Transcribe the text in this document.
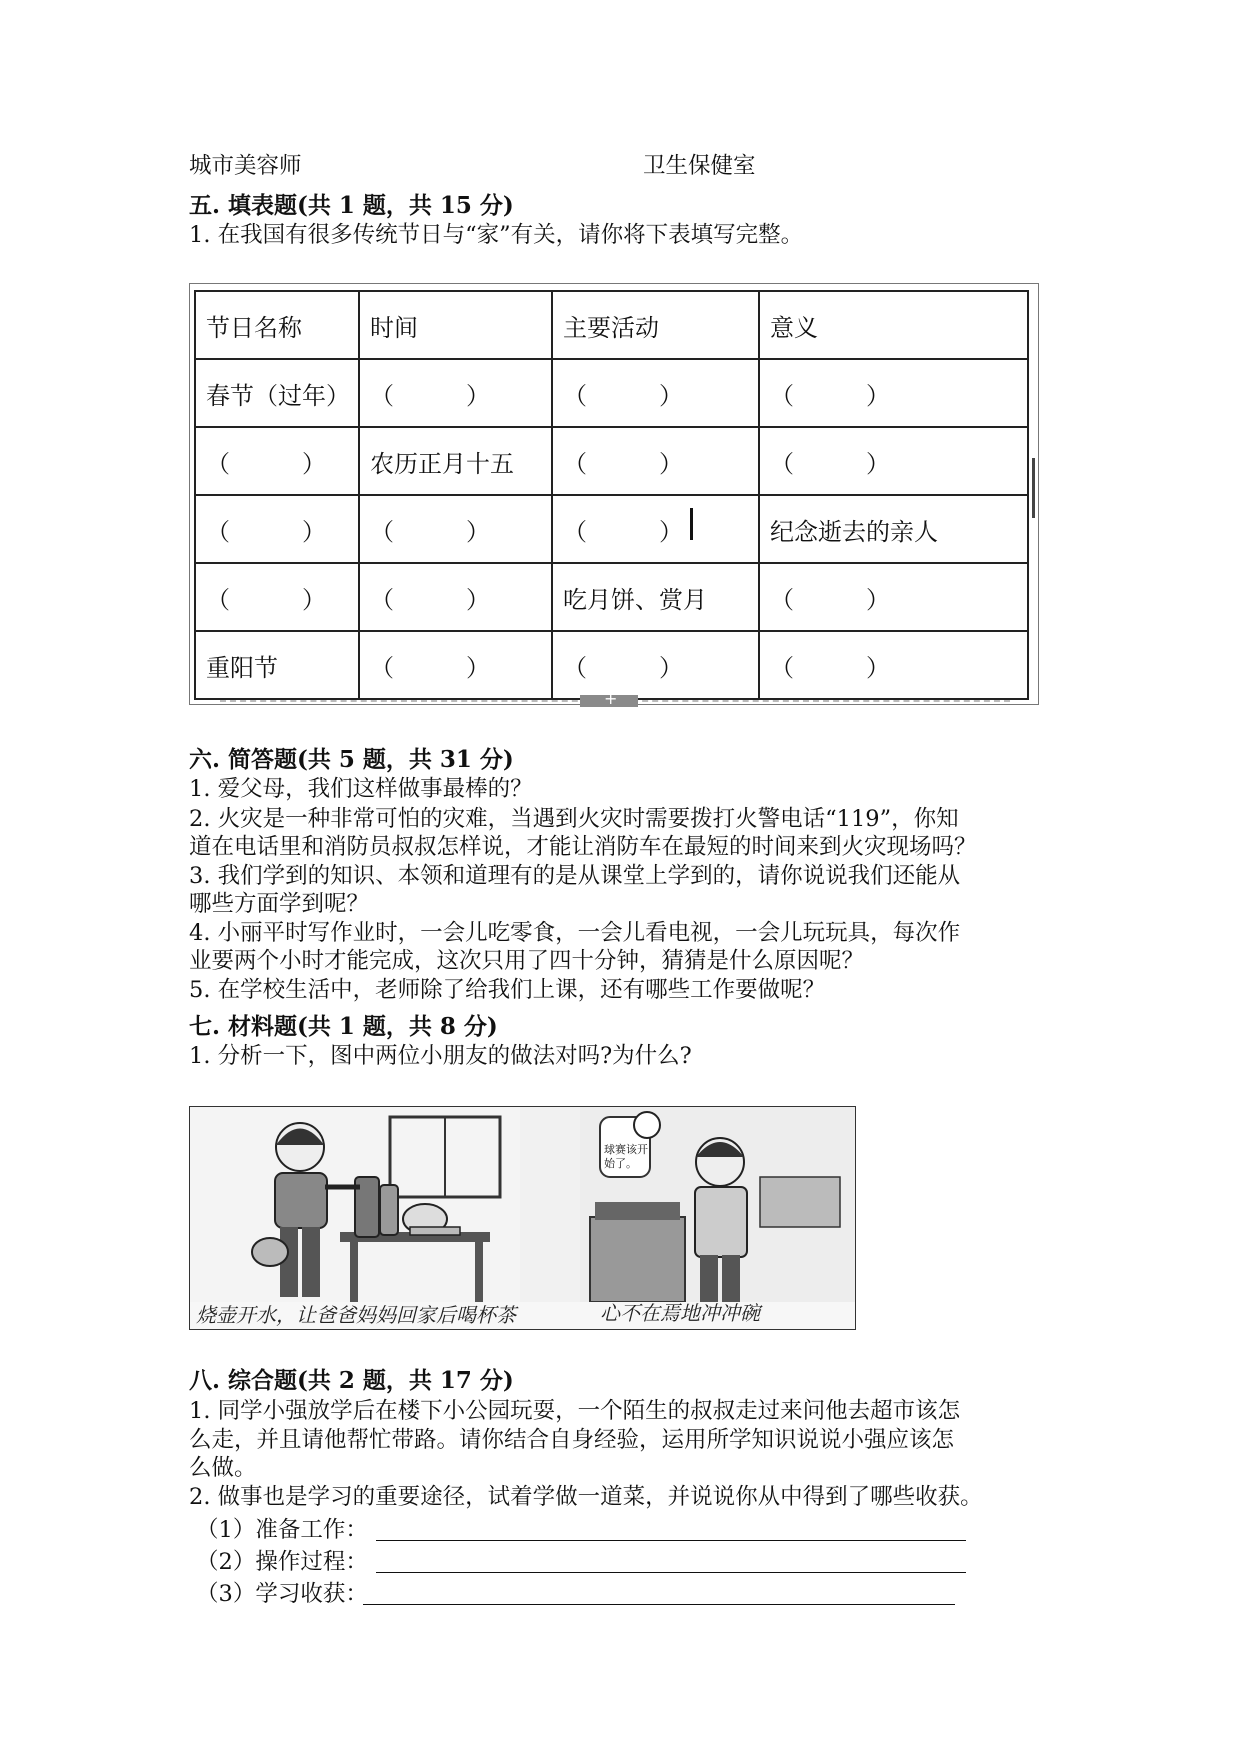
城市美容师	卫生保健室
五. 填表题(共 1 题，共 15 分)
1. 在我国有很多传统节日与“家”有关，请你将下表填写完整。
节日名称	时间	主要活动	意义
春节（过年）	（　　　）	（　　　）	（　　　）
（　　　）	农历正月十五	（　　　）	（　　　）
（　　　）	（　　　）	（　　　）	纪念逝去的亲人
（　　　）	（　　　）	吃月饼、赏月	（　　　）
重阳节	（　　　）	（　　　）	（　　　）
+
六. 简答题(共 5 题，共 31 分)
1. 爱父母，我们这样做事最棒的？
2. 火灾是一种非常可怕的灾难，当遇到火灾时需要拨打火警电话“119”，你知
道在电话里和消防员叔叔怎样说，才能让消防车在最短的时间来到火灾现场吗？
3. 我们学到的知识、本领和道理有的是从课堂上学到的，请你说说我们还能从
哪些方面学到呢？
4. 小丽平时写作业时，一会儿吃零食，一会儿看电视，一会儿玩玩具，每次作
业要两个小时才能完成，这次只用了四十分钟，猜猜是什么原因呢？
5. 在学校生活中，老师除了给我们上课，还有哪些工作要做呢？
七. 材料题(共 1 题，共 8 分)
1. 分析一下，图中两位小朋友的做法对吗?为什么?
球赛该开始了。
烧壶开水，让爸爸妈妈回家后喝杯茶	心不在焉地冲冲碗
八. 综合题(共 2 题，共 17 分)
1. 同学小强放学后在楼下小公园玩耍，一个陌生的叔叔走过来问他去超市该怎
么走，并且请他帮忙带路。请你结合自身经验，运用所学知识说说小强应该怎
么做。
2. 做事也是学习的重要途径，试着学做一道菜，并说说你从中得到了哪些收获。
（1）准备工作：
（2）操作过程：
（3）学习收获：
